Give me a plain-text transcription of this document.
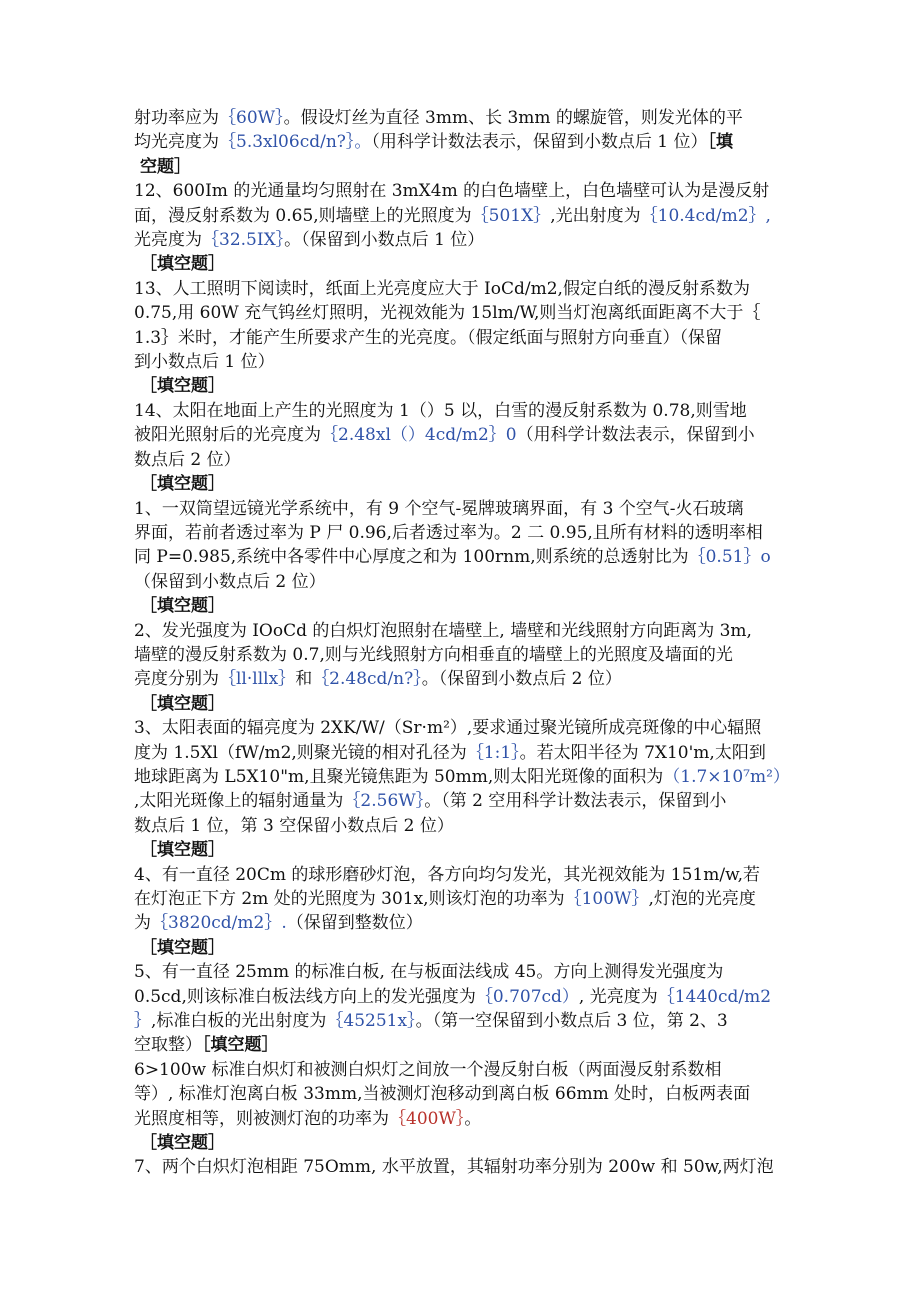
射功率应为｛60W｝。假设灯丝为直径 3mm、长 3mm 的螺旋管，则发光体的平
均光亮度为｛5.3xl06cd/n?｝。（用科学计数法表示，保留到小数点后 1 位）［填
空题］
12、600Im 的光通量均匀照射在 3mX4m 的白色墙壁上，白色墙壁可认为是漫反射
面，漫反射系数为 0.65,则墙壁上的光照度为｛501X｝,光出射度为｛10.4cd∕m2｝,
光亮度为｛32.5IX｝。（保留到小数点后 1 位）
［填空题］
13、人工照明下阅读时，纸面上光亮度应大于 IoCd/m2,假定白纸的漫反射系数为
0.75,用 60W 充气钨丝灯照明，光视效能为 15lm∕W,则当灯泡离纸面距离不大于｛
1.3｝米时，才能产生所要求产生的光亮度。（假定纸面与照射方向垂直）（保留
到小数点后 1 位）
［填空题］
14、太阳在地面上产生的光照度为 1（）5 以，白雪的漫反射系数为 0.78,则雪地
被阳光照射后的光亮度为｛2.48xl（）4cd∕m2｝0（用科学计数法表示，保留到小
数点后 2 位）
［填空题］
1、一双筒望远镜光学系统中，有 9 个空气-冕牌玻璃界面，有 3 个空气-火石玻璃
界面，若前者透过率为 P 尸 0.96,后者透过率为。2 二 0.95,且所有材料的透明率相
同 P=0.985,系统中各零件中心厚度之和为 100rnm,则系统的总透射比为｛0.51｝o
（保留到小数点后 2 位）
［填空题］
2、发光强度为 IOoCd 的白炽灯泡照射在墙壁上, 墙壁和光线照射方向距离为 3m,
墙壁的漫反射系数为 0.7,则与光线照射方向相垂直的墙壁上的光照度及墙面的光
亮度分别为｛ll·lllx｝和｛2.48cd/n?｝。（保留到小数点后 2 位）
［填空题］
3、太阳表面的辐亮度为 2XK/W/（Sr·m²）,要求通过聚光镜所成亮斑像的中心辐照
度为 1.5Xl（fW∕m2,则聚光镜的相对孔径为｛1:1｝。若太阳半径为 7X10'm,太阳到
地球距离为 L5X10"m,且聚光镜焦距为 50mm,则太阳光斑像的面积为（1.7×10⁷m²）
,太阳光斑像上的辐射通量为｛2.56W｝。（第 2 空用科学计数法表示，保留到小
数点后 1 位，第 3 空保留小数点后 2 位）
［填空题］
4、有一直径 20Cm 的球形磨砂灯泡，各方向均匀发光，其光视效能为 151m∕w,若
在灯泡正下方 2m 处的光照度为 301x,则该灯泡的功率为｛100W｝,灯泡的光亮度
为｛3820cd∕m2｝.（保留到整数位）
［填空题］
5、有一直径 25mm 的标准白板, 在与板面法线成 45。方向上测得发光强度为
0.5cd,则该标准白板法线方向上的发光强度为｛0.707cd）, 光亮度为｛1440cd∕m2
｝,标准白板的光出射度为｛45251x｝。（第一空保留到小数点后 3 位，第 2、3
空取整）［填空题］
6>100w 标准白炽灯和被测白炽灯之间放一个漫反射白板（两面漫反射系数相
等）, 标准灯泡离白板 33mm,当被测灯泡移动到离白板 66mm 处时，白板两表面
光照度相等，则被测灯泡的功率为｛400W｝。
［填空题］
7、两个白炽灯泡相距 75Omm, 水平放置，其辐射功率分别为 200w 和 50w,两灯泡
